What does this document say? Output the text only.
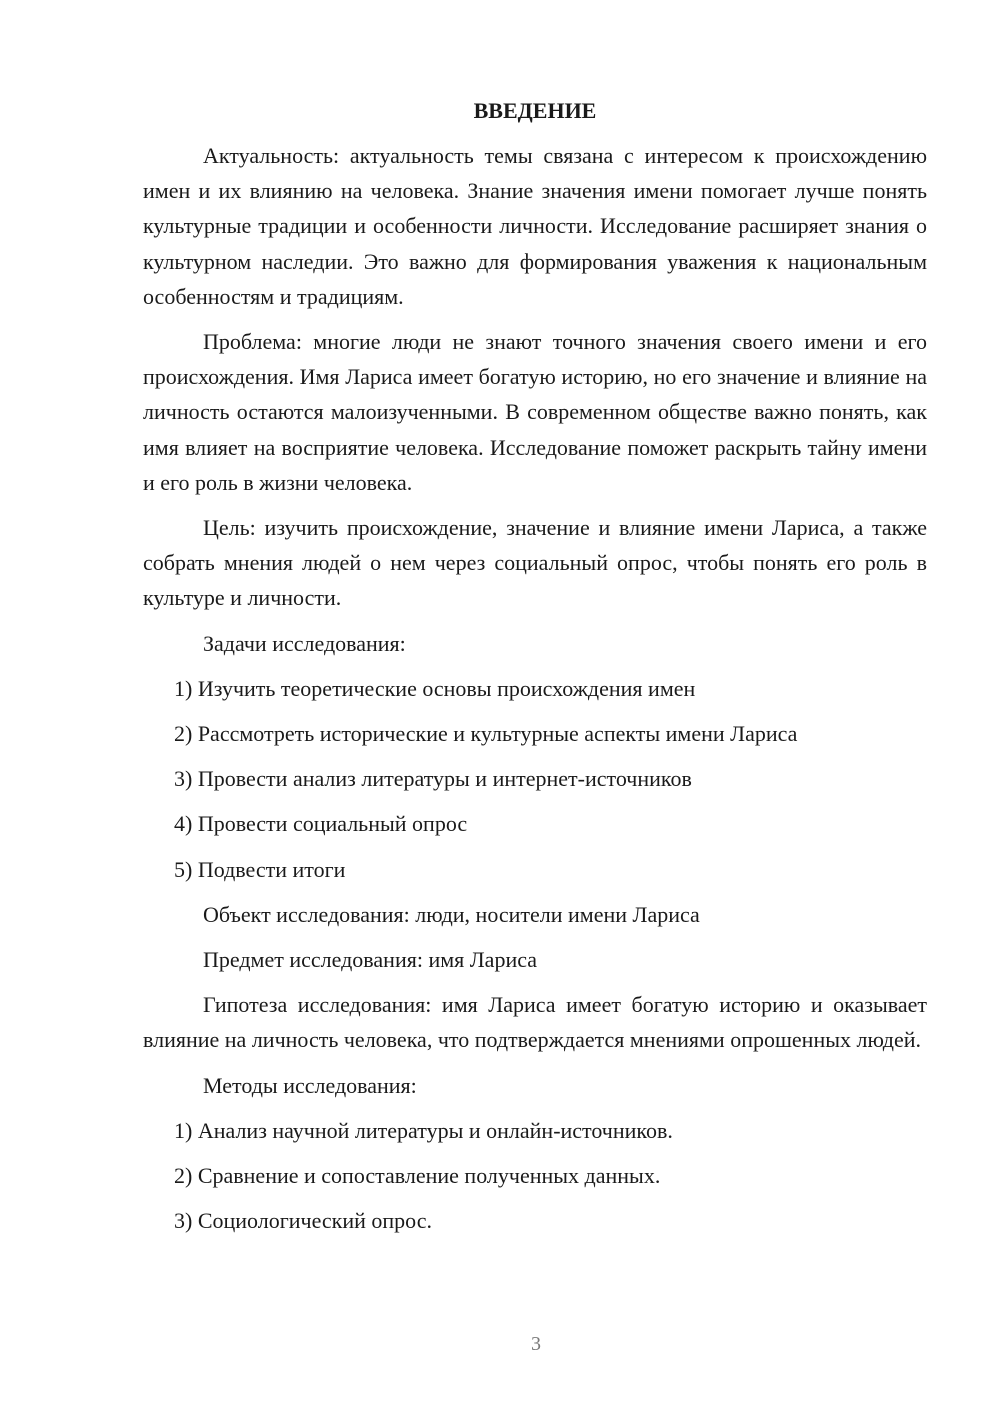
ВВЕДЕНИЕ

Актуальность: актуальность темы связана с интересом к происхождению имен и их влиянию на человека. Знание значения имени помогает лучше понять культурные традиции и особенности личности. Исследование расширяет знания о культурном наследии. Это важно для формирования уважения к национальным особенностям и традициям.

Проблема: многие люди не знают точного значения своего имени и его происхождения. Имя Лариса имеет богатую историю, но его значение и влияние на личность остаются малоизученными. В современном обществе важно понять, как имя влияет на восприятие человека. Исследование поможет раскрыть тайну имени и его роль в жизни человека.

Цель: изучить происхождение, значение и влияние имени Лариса, а также собрать мнения людей о нем через социальный опрос, чтобы понять его роль в культуре и личности.

Задачи исследования:
1) Изучить теоретические основы происхождения имен
2) Рассмотреть исторические и культурные аспекты имени Лариса
3) Провести анализ литературы и интернет-источников
4) Провести социальный опрос
5) Подвести итоги
Объект исследования: люди, носители имени Лариса
Предмет исследования: имя Лариса

Гипотеза исследования: имя Лариса имеет богатую историю и оказывает влияние на личность человека, что подтверждается мнениями опрошенных людей.

Методы исследования:
1) Анализ научной литературы и онлайн-источников.
2) Сравнение и сопоставление полученных данных.
3) Социологический опрос.
3
